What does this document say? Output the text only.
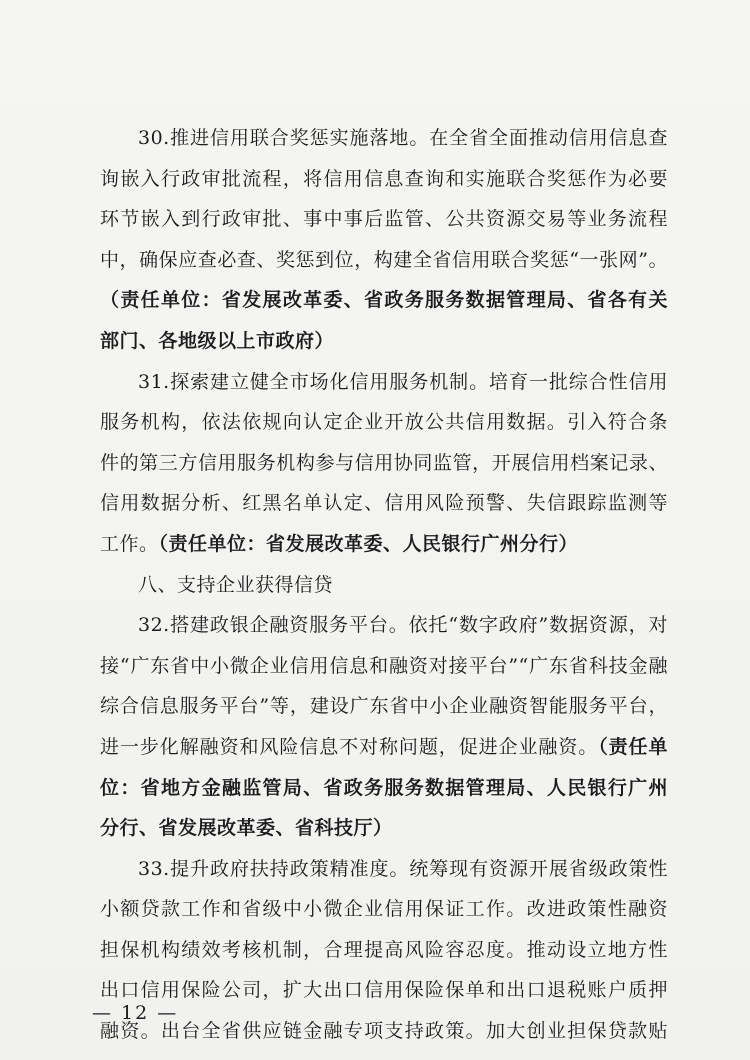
30.推进信用联合奖惩实施落地。在全省全面推动信用信息查
询嵌入行政审批流程，将信用信息查询和实施联合奖惩作为必要
环节嵌入到行政审批、事中事后监管、公共资源交易等业务流程
中，确保应查必查、奖惩到位，构建全省信用联合奖惩“一张网”。
（责任单位：省发展改革委、省政务服务数据管理局、省各有关
部门、各地级以上市政府）
31.探索建立健全市场化信用服务机制。培育一批综合性信用
服务机构，依法依规向认定企业开放公共信用数据。引入符合条
件的第三方信用服务机构参与信用协同监管，开展信用档案记录、
信用数据分析、红黑名单认定、信用风险预警、失信跟踪监测等
工作。（责任单位：省发展改革委、人民银行广州分行）
八、支持企业获得信贷
32.搭建政银企融资服务平台。依托“数字政府”数据资源，对
接“广东省中小微企业信用信息和融资对接平台”“广东省科技金融
综合信息服务平台”等，建设广东省中小企业融资智能服务平台，
进一步化解融资和风险信息不对称问题，促进企业融资。（责任单
位：省地方金融监管局、省政务服务数据管理局、人民银行广州
分行、省发展改革委、省科技厅）
33.提升政府扶持政策精准度。统筹现有资源开展省级政策性
小额贷款工作和省级中小微企业信用保证工作。改进政策性融资
担保机构绩效考核机制，合理提高风险容忍度。推动设立地方性
出口信用保险公司，扩大出口信用保险保单和出口退税账户质押
融资。出台全省供应链金融专项支持政策。加大创业担保贷款贴
— 12 —
